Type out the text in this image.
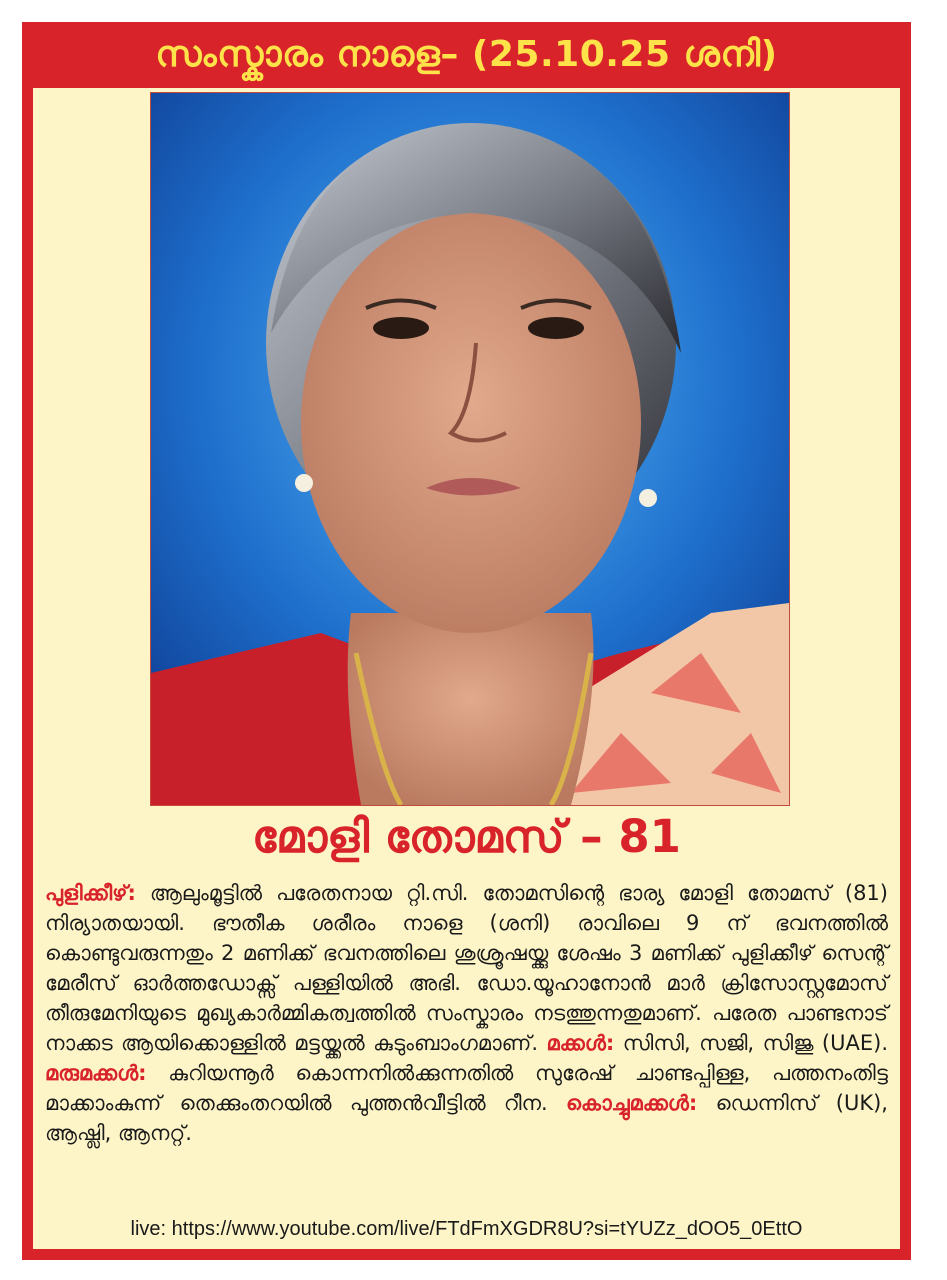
സംസ്കാരം നാളെ– (25.10.25 ശനി)
മോളി തോമസ് – 81
പുളിക്കീഴ്: ആലുംമൂട്ടിൽ പരേതനായ റ്റി.സി. തോമസിന്റെ ഭാര്യ മോളി തോമസ് (81) നിര്യാതയായി. ഭൗതീക ശരീരം നാളെ (ശനി) രാവിലെ 9 ന് ഭവനത്തിൽ കൊണ്ടുവരുന്നതും 2 മണിക്ക് ഭവനത്തിലെ ശുശ്രൂഷയ്ക്കു ശേഷം 3 മണിക്ക് പുളിക്കീഴ് സെന്റ് മേരീസ് ഓർത്തഡോക്സ് പള്ളിയിൽ അഭി. ഡോ.യൂഹാനോൻ മാർ ക്രിസോസ്റ്റമോസ് തീരുമേനിയുടെ മുഖ്യകാർമ്മികത്വത്തിൽ സംസ്കാരം നടത്തുന്നതുമാണ്. പരേത പാണ്ടനാട് നാക്കട ആയിക്കൊള്ളിൽ മട്ടയ്ക്കൽ കുടുംബാംഗമാണ്. മക്കൾ: സിസി, സജി, സിജു (UAE). മരുമക്കൾ: കുറിയന്നൂർ കൊന്നനിൽക്കുന്നതിൽ സുരേഷ് ചാണ്ടപ്പിള്ള, പത്തനംതിട്ട മാക്കാംകുന്ന് തെക്കുംതറയിൽ പുത്തൻവീട്ടിൽ റീന. കൊച്ചുമക്കൾ: ഡെന്നിസ് (UK), ആഷ്ലി, ആനറ്റ്.
live: https://www.youtube.com/live/FTdFmXGDR8U?si=tYUZz_dOO5_0EttO
